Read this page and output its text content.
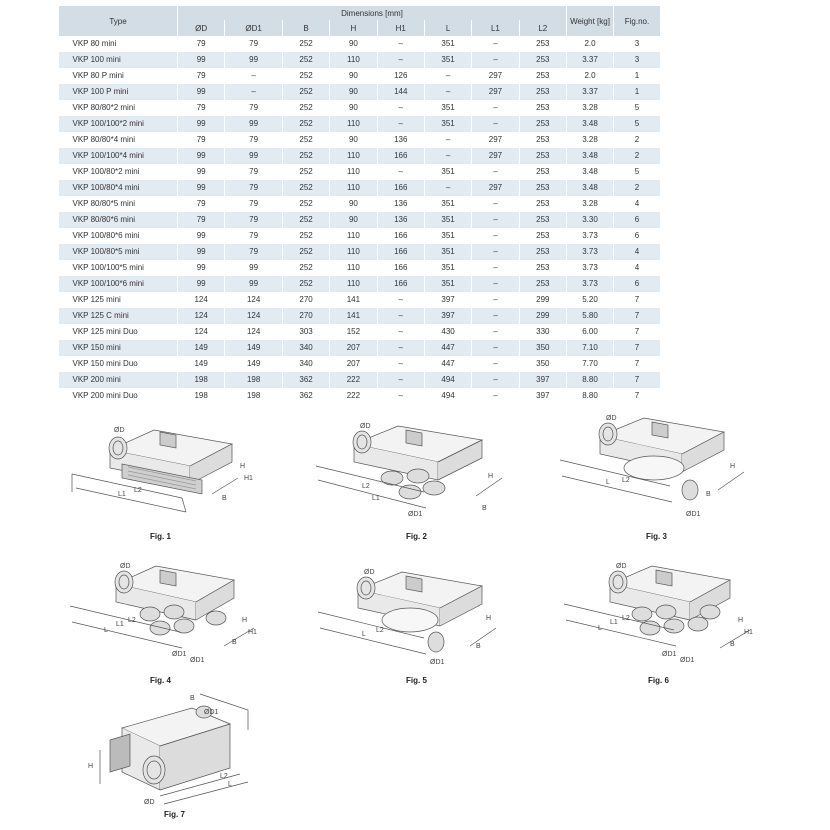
Type	Dimensions [mm]								Weight [kg]	Fig.no.
	ØD	ØD1	B	H	H1	L	L1	L2		
VKP 80 mini	79	79	252	90	–	351	–	253	2.0	3
VKP 100 mini	99	99	252	110	–	351	–	253	3.37	3
VKP 80 P mini	79	–	252	90	126	–	297	253	2.0	1
VKP 100 P mini	99	–	252	90	144	–	297	253	3.37	1
VKP 80/80*2 mini	79	79	252	90	–	351	–	253	3.28	5
VKP 100/100*2 mini	99	99	252	110	–	351	–	253	3.48	5
VKP 80/80*4 mini	79	79	252	90	136	–	297	253	3.28	2
VKP 100/100*4 mini	99	99	252	110	166	–	297	253	3.48	2
VKP 100/80*2 mini	99	79	252	110	–	351	–	253	3.48	5
VKP 100/80*4 mini	99	79	252	110	166	–	297	253	3.48	2
VKP 80/80*5 mini	79	79	252	90	136	351	–	253	3.28	4
VKP 80/80*6 mini	79	79	252	90	136	351	–	253	3.30	6
VKP 100/80*6 mini	99	79	252	110	166	351	–	253	3.73	6
VKP 100/80*5 mini	99	79	252	110	166	351	–	253	3.73	4
VKP 100/100*5 mini	99	99	252	110	166	351	–	253	3.73	4
VKP 100/100*6 mini	99	99	252	110	166	351	–	253	3.73	6
VKP 125 mini	124	124	270	141	–	397	–	299	5.20	7
VKP 125 C mini	124	124	270	141	–	397	–	299	5.80	7
VKP 125 mini Duo	124	124	303	152	–	430	–	330	6.00	7
VKP 150 mini	149	149	340	207	–	447	–	350	7.10	7
VKP 150 mini Duo	149	149	340	207	–	447	–	350	7.70	7
VKP 200 mini	198	198	362	222	–	494	–	397	8.80	7
VKP 200 mini Duo	198	198	362	222	–	494	–	397	8.80	7
ØD
L1
L2
B
H
H1
Fig. 1
ØD
L2
L1
ØD1
B
H
Fig. 2
ØD
L L2
ØD1
B
H
Fig. 3
ØD
L
L1
L2
ØD1
ØD1
B
H
H1
Fig. 4
ØD
L
L2
ØD1
B
H
Fig. 5
ØD
L
L1
L2
ØD1
ØD1
B
H
H1
Fig. 6
B
ØD1
H
ØD
L2
L
Fig. 7
